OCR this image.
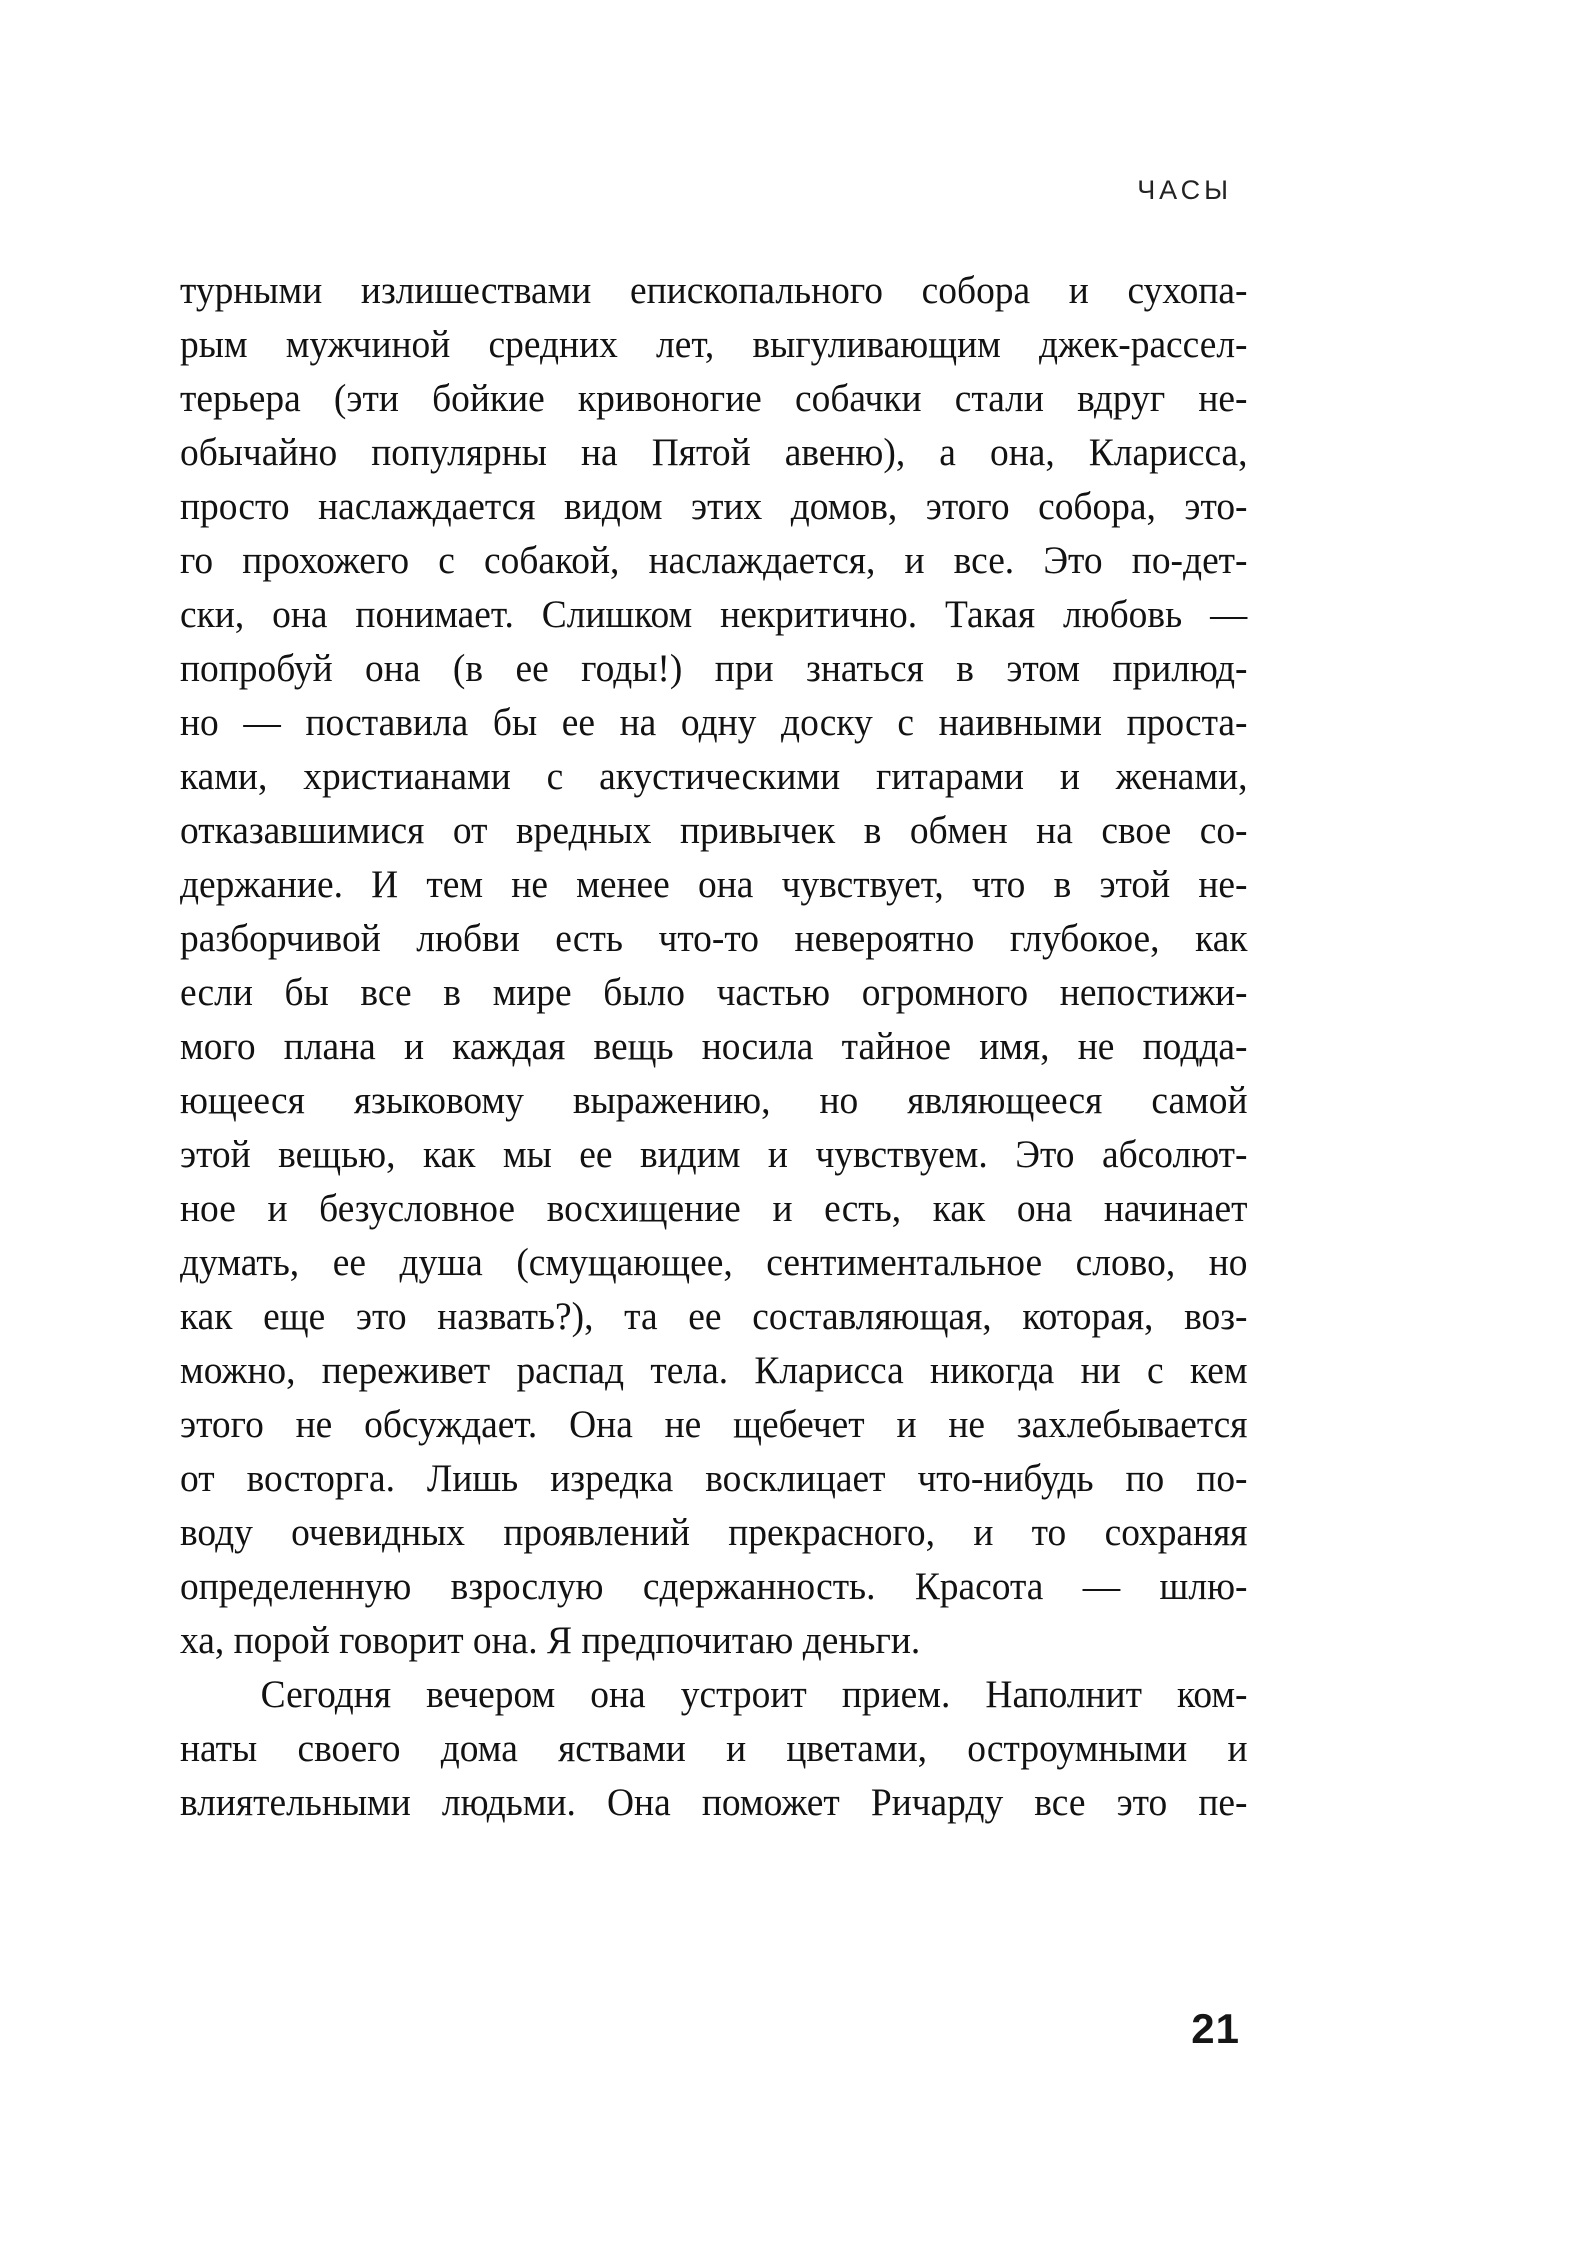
ЧАСЫ
турными излишествами епископального собора и сухопа-
рым мужчиной средних лет, выгуливающим джек-рассел-
терьера (эти бойкие кривоногие собачки стали вдруг не-
обычайно популярны на Пятой авеню), а она, Кларисса,
просто наслаждается видом этих домов, этого собора, это-
го прохожего с собакой, наслаждается, и все. Это по-дет-
ски, она понимает. Слишком некритично. Такая любовь —
попробуй она (в ее годы!) при знаться в этом прилюд-
но — поставила бы ее на одну доску с наивными проста-
ками, христианами с акустическими гитарами и женами,
отказавшимися от вредных привычек в обмен на свое со-
держание. И тем не менее она чувствует, что в этой не-
разборчивой любви есть что-то невероятно глубокое, как
если бы все в мире было частью огромного непостижи-
мого плана и каждая вещь носила тайное имя, не подда-
ющееся языковому выражению, но являющееся самой
этой вещью, как мы ее видим и чувствуем. Это абсолют-
ное и безусловное восхищение и есть, как она начинает
думать, ее душа (смущающее, сентиментальное слово, но
как еще это назвать?), та ее составляющая, которая, воз-
можно, переживет распад тела. Кларисса никогда ни с кем
этого не обсуждает. Она не щебечет и не захлебывается
от восторга. Лишь изредка восклицает что-нибудь по по-
воду очевидных проявлений прекрасного, и то сохраняя
определенную взрослую сдержанность. Красота — шлю-
ха, порой говорит она. Я предпочитаю деньги.
Сегодня вечером она устроит прием. Наполнит ком-
наты своего дома яствами и цветами, остроумными и
влиятельными людьми. Она поможет Ричарду все это пе-
21
